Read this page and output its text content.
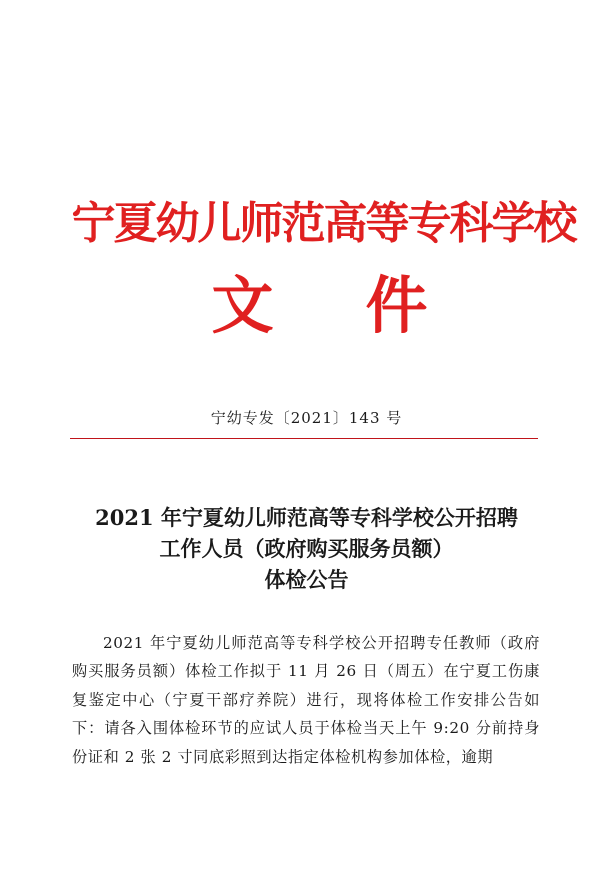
宁夏幼儿师范高等专科学校
文件
宁幼专发〔2021〕143 号
2021 年宁夏幼儿师范高等专科学校公开招聘
工作人员（政府购买服务员额）
体检公告
2021 年宁夏幼儿师范高等专科学校公开招聘专任教师（政府购买服务员额）体检工作拟于 11 月 26 日（周五）在宁夏工伤康复鉴定中心（宁夏干部疗养院）进行，现将体检工作安排公告如下：请各入围体检环节的应试人员于体检当天上午 9:20 分前持身份证和 2 张 2 寸同底彩照到达指定体检机构参加体检，逾期
